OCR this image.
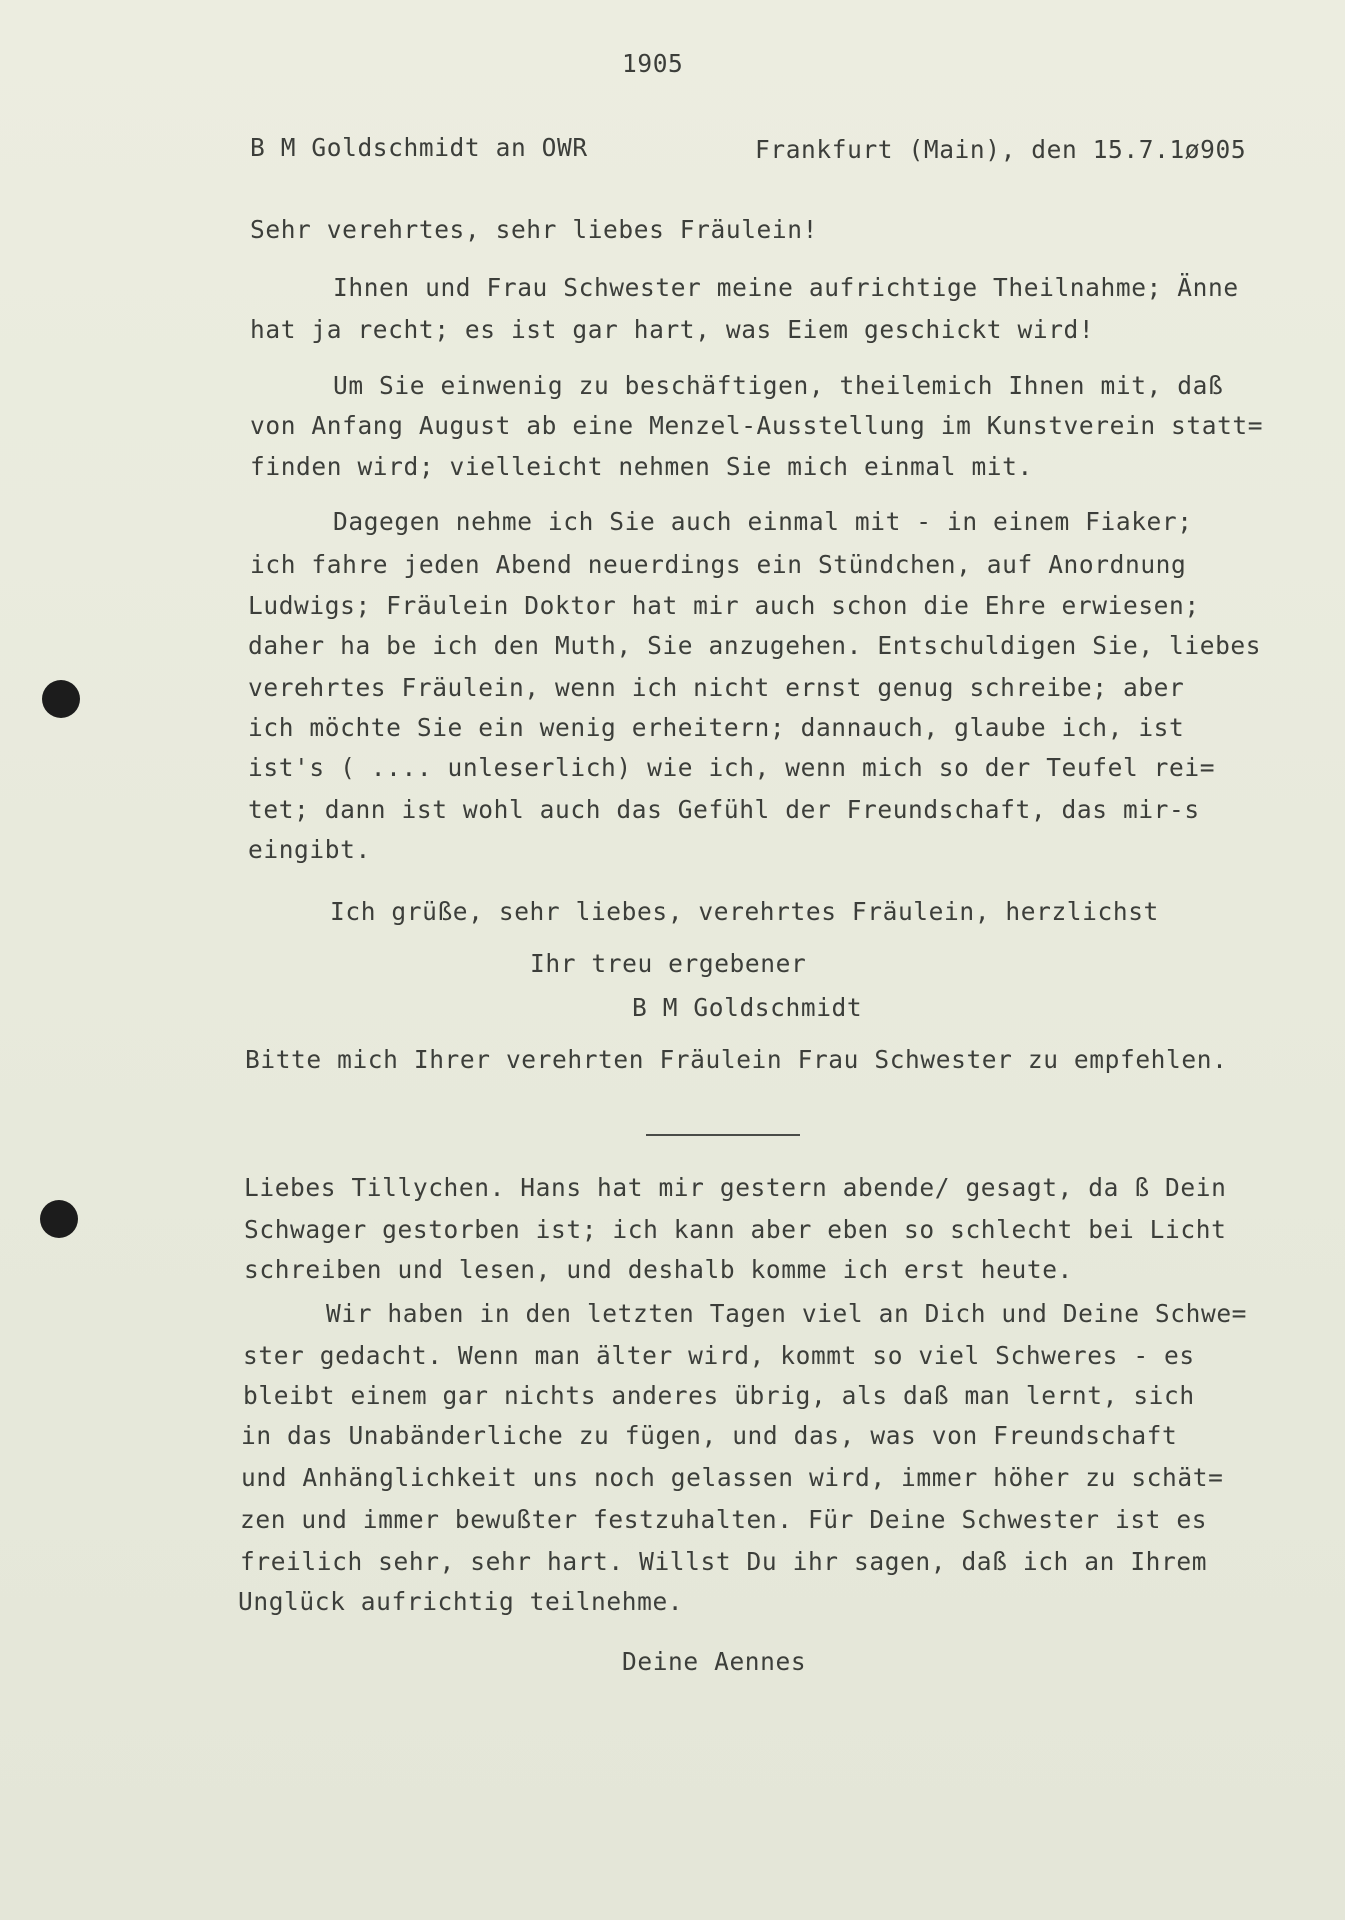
1905
B M Goldschmidt an OWR	Frankfurt (Main), den 15.7.1ø905
Sehr verehrtes, sehr liebes Fräulein!
Ihnen und Frau Schwester meine aufrichtige Theilnahme; Änne
hat ja recht; es ist gar hart, was Eiem geschickt wird!
Um Sie einwenig zu beschäftigen, theilemich Ihnen mit, daß
von Anfang August ab eine Menzel-Ausstellung im Kunstverein statt=
finden wird; vielleicht nehmen Sie mich einmal mit.
Dagegen nehme ich Sie auch einmal mit - in einem Fiaker;
ich fahre jeden Abend neuerdings ein Stündchen, auf Anordnung
Ludwigs; Fräulein Doktor hat mir auch schon die Ehre erwiesen;
daher ha be ich den Muth, Sie anzugehen. Entschuldigen Sie, liebes
verehrtes Fräulein, wenn ich nicht ernst genug schreibe; aber
ich möchte Sie ein wenig erheitern; dannauch, glaube ich, ist
ist's ( .... unleserlich) wie ich, wenn mich so der Teufel rei=
tet; dann ist wohl auch das Gefühl der Freundschaft, das mir-s
eingibt.
Ich grüße, sehr liebes, verehrtes Fräulein, herzlichst
Ihr treu ergebener
B M Goldschmidt
Bitte mich Ihrer verehrten Fräulein Frau Schwester zu empfehlen.
Liebes Tillychen. Hans hat mir gestern abende/ gesagt, da ß Dein
Schwager gestorben ist; ich kann aber eben so schlecht bei Licht
schreiben und lesen, und deshalb komme ich erst heute.
Wir haben in den letzten Tagen viel an Dich und Deine Schwe=
ster gedacht. Wenn man älter wird, kommt so viel Schweres - es
bleibt einem gar nichts anderes übrig, als daß man lernt, sich
in das Unabänderliche zu fügen, und das, was von Freundschaft
und Anhänglichkeit uns noch gelassen wird, immer höher zu schät=
zen und immer bewußter festzuhalten. Für Deine Schwester ist es
freilich sehr, sehr hart. Willst Du ihr sagen, daß ich an Ihrem
Unglück aufrichtig teilnehme.
Deine Aennes
